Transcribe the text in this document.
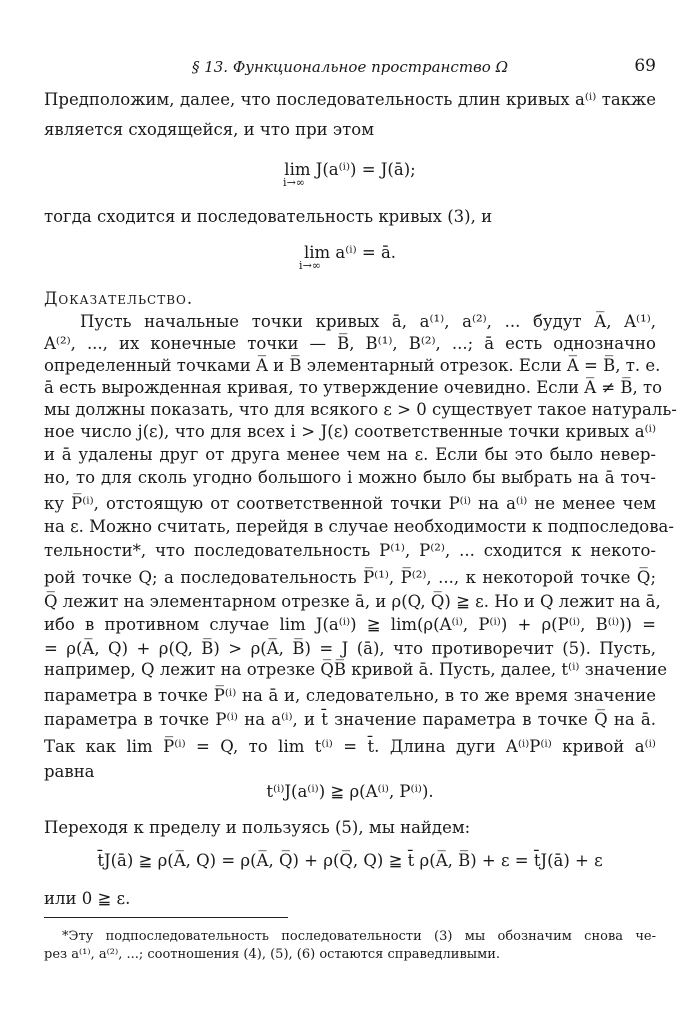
§ 13. Функциональное пространство Ω	69
Предположим, далее, что последовательность длин кривых a⁽ⁱ⁾ также
является сходящейся, и что при этом
lim J(a⁽ⁱ⁾) = J(ā);
i→∞
тогда сходится и последовательность кривых (3), и
lim a⁽ⁱ⁾ = ā.
i→∞
Доказательство.
Пусть начальные точки кривых ā, a⁽¹⁾, a⁽²⁾, ... будут A̅, A⁽¹⁾,
A⁽²⁾, ..., их конечные точки — B̅, B⁽¹⁾, B⁽²⁾, ...; ā есть однозначно
определенный точками A̅ и B̅ элементарный отрезок. Если A̅ = B̅, т. е.
ā есть вырожденная кривая, то утверждение очевидно. Если A̅ ≠ B̅, то
мы должны показать, что для всякого ε > 0 существует такое натураль-
ное число j(ε), что для всех i > J(ε) соответственные точки кривых a⁽ⁱ⁾
и ā удалены друг от друга менее чем на ε. Если бы это было невер-
но, то для сколь угодно большого i можно было бы выбрать на ā точ-
ку P̅⁽ⁱ⁾, отстоящую от соответственной точки P⁽ⁱ⁾ на a⁽ⁱ⁾ не менее чем
на ε. Можно считать, перейдя в случае необходимости к подпоследова-
тельности*, что последовательность P⁽¹⁾, P⁽²⁾, ... сходится к некото-
рой точке Q; а последовательность P̅⁽¹⁾, P̅⁽²⁾, ..., к некоторой точке Q̅;
Q̅ лежит на элементарном отрезке ā, и ρ(Q, Q̅) ≧ ε. Но и Q лежит на ā,
ибо в противном случае lim J(a⁽ⁱ⁾) ≧ lim(ρ(A⁽ⁱ⁾, P⁽ⁱ⁾) + ρ(P⁽ⁱ⁾, B⁽ⁱ⁾)) =
= ρ(A̅, Q) + ρ(Q, B̅) > ρ(A̅, B̅) = J (ā), что противоречит (5). Пусть,
например, Q лежит на отрезке Q̅B̅ кривой ā. Пусть, далее, t⁽ⁱ⁾ значение
параметра в точке P̅⁽ⁱ⁾ на ā и, следовательно, в то же время значение
параметра в точке P⁽ⁱ⁾ на a⁽ⁱ⁾, и t̄ значение параметра в точке Q̅ на ā.
Так как lim P̅⁽ⁱ⁾ = Q, то lim t⁽ⁱ⁾ = t̄. Длина дуги A⁽ⁱ⁾P⁽ⁱ⁾ кривой a⁽ⁱ⁾
равна
t⁽ⁱ⁾J(a⁽ⁱ⁾) ≧ ρ(A⁽ⁱ⁾, P⁽ⁱ⁾).
Переходя к пределу и пользуясь (5), мы найдем:
t̄J(ā) ≧ ρ(A̅, Q) = ρ(A̅, Q̅) + ρ(Q̅, Q) ≧ t̄ ρ(A̅, B̅) + ε = t̄J(ā) + ε
или 0 ≧ ε.
*Эту подпоследовательность последовательности (3) мы обозначим снова че-
рез a⁽¹⁾, a⁽²⁾, ...; соотношения (4), (5), (6) остаются справедливыми.
